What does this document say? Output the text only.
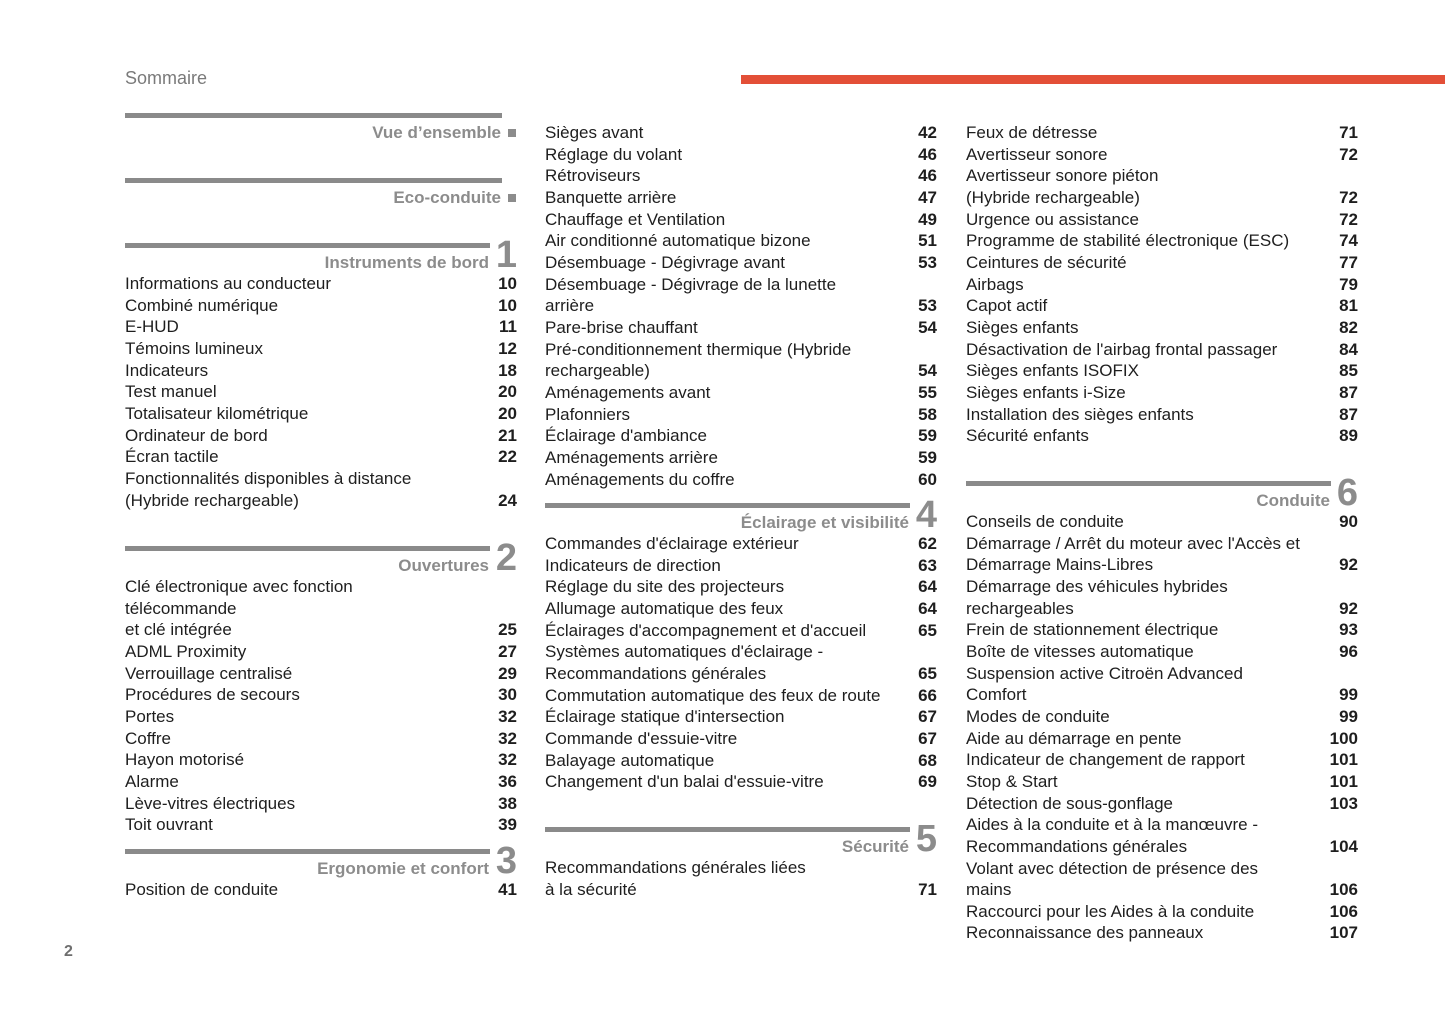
Sommaire
2
Vue d’ensemble
Eco-conduite
Instruments de bord 1
Informations au conducteur	10
Combiné numérique	10
E-HUD	11
Témoins lumineux	12
Indicateurs	18
Test manuel	20
Totalisateur kilométrique	20
Ordinateur de bord	21
Écran tactile	22
Fonctionnalités disponibles à distance
(Hybride rechargeable)	24
Ouvertures 2
Clé électronique avec fonction télécommande
et clé intégrée	25
ADML Proximity	27
Verrouillage centralisé	29
Procédures de secours	30
Portes	32
Coffre	32
Hayon motorisé	32
Alarme	36
Lève-vitres électriques	38
Toit ouvrant	39
Ergonomie et confort 3
Position de conduite	41
Sièges avant	42
Réglage du volant	46
Rétroviseurs	46
Banquette arrière	47
Chauffage et Ventilation	49
Air conditionné automatique bizone	51
Désembuage - Dégivrage avant	53
Désembuage - Dégivrage de la lunette arrière	53
Pare-brise chauffant	54
Pré-conditionnement thermique (Hybride
rechargeable)	54
Aménagements avant	55
Plafonniers	58
Éclairage d'ambiance	59
Aménagements arrière	59
Aménagements du coffre	60
Éclairage et visibilité 4
Commandes d'éclairage extérieur	62
Indicateurs de direction	63
Réglage du site des projecteurs	64
Allumage automatique des feux	64
Éclairages d'accompagnement et d'accueil	65
Systèmes automatiques d'éclairage -
Recommandations générales	65
Commutation automatique des feux de route	66
Éclairage statique d'intersection	67
Commande d'essuie-vitre	67
Balayage automatique	68
Changement d'un balai d'essuie-vitre	69
Sécurité 5
Recommandations générales liées
à la sécurité	71
Feux de détresse	71
Avertisseur sonore	72
Avertisseur sonore piéton
(Hybride rechargeable)	72
Urgence ou assistance	72
Programme de stabilité électronique (ESC)	74
Ceintures de sécurité	77
Airbags	79
Capot actif	81
Sièges enfants	82
Désactivation de l'airbag frontal passager	84
Sièges enfants ISOFIX	85
Sièges enfants i-Size	87
Installation des sièges enfants	87
Sécurité enfants	89
Conduite 6
Conseils de conduite	90
Démarrage / Arrêt du moteur avec l'Accès et
Démarrage Mains-Libres	92
Démarrage des véhicules hybrides
rechargeables	92
Frein de stationnement électrique	93
Boîte de vitesses automatique	96
Suspension active Citroën Advanced Comfort	99
Modes de conduite	99
Aide au démarrage en pente	100
Indicateur de changement de rapport	101
Stop & Start	101
Détection de sous-gonflage	103
Aides à la conduite et à la manœuvre -
Recommandations générales	104
Volant avec détection de présence des mains	106
Raccourci pour les Aides à la conduite	106
Reconnaissance des panneaux	107
